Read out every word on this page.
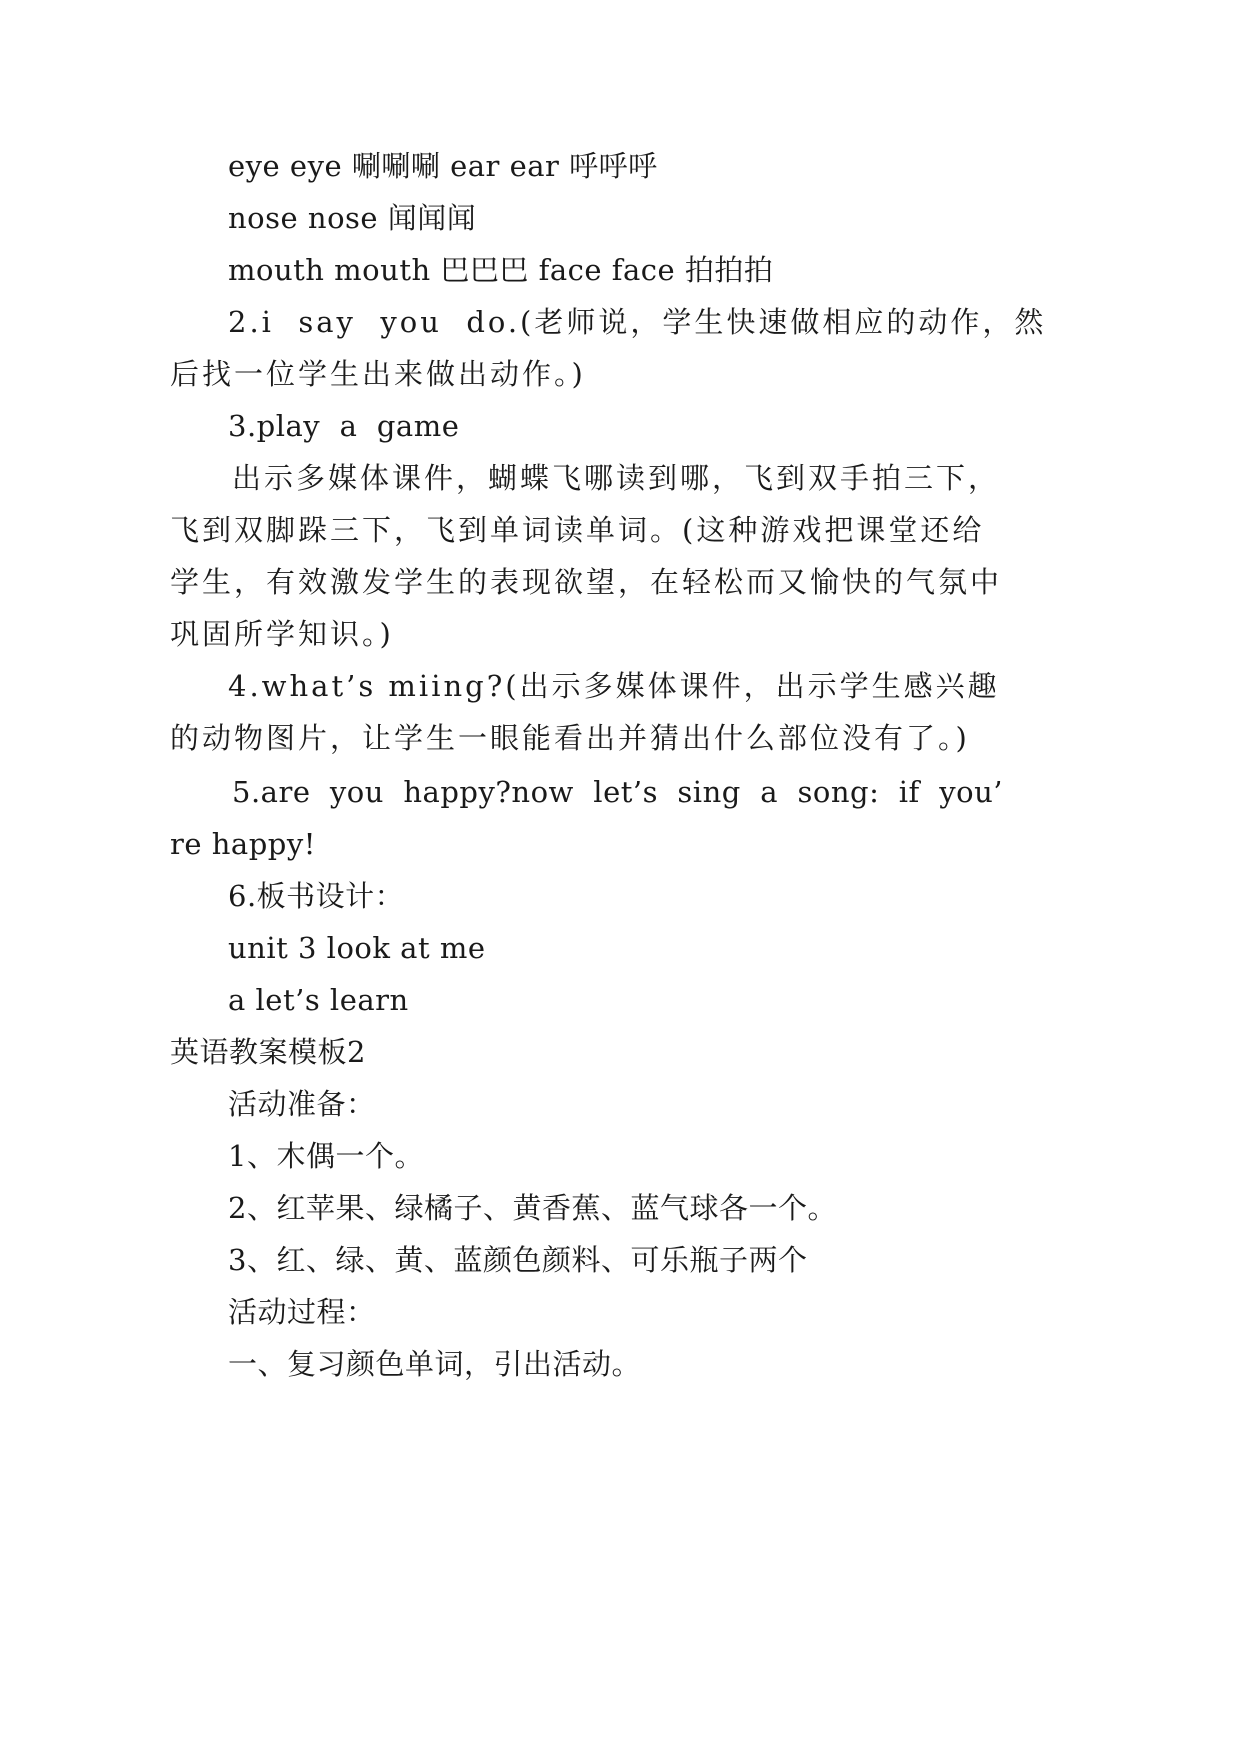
eye eye 唰唰唰 ear ear 呼呼呼
nose nose 闻闻闻
mouth mouth 巴巴巴 face face 拍拍拍
2.i  say  you  do.(老师说，学生快速做相应的动作，然
后找一位学生出来做出动作。)
3.play  a  game
出示多媒体课件，蝴蝶飞哪读到哪，飞到双手拍三下，
飞到双脚跺三下，飞到单词读单词。(这种游戏把课堂还给
学生，有效激发学生的表现欲望，在轻松而又愉快的气氛中
巩固所学知识。)
4.what’s miing?(出示多媒体课件，出示学生感兴趣
的动物图片，让学生一眼能看出并猜出什么部位没有了。)
5.are  you  happy?now  let’s  sing  a  song:  if  you’
re happy!
6.板书设计：
unit 3 look at me
a let’s learn
英语教案模板2
活动准备：
1、木偶一个。
2、红苹果、绿橘子、黄香蕉、蓝气球各一个。
3、红、绿、黄、蓝颜色颜料、可乐瓶子两个
活动过程：
一、复习颜色单词，引出活动。
